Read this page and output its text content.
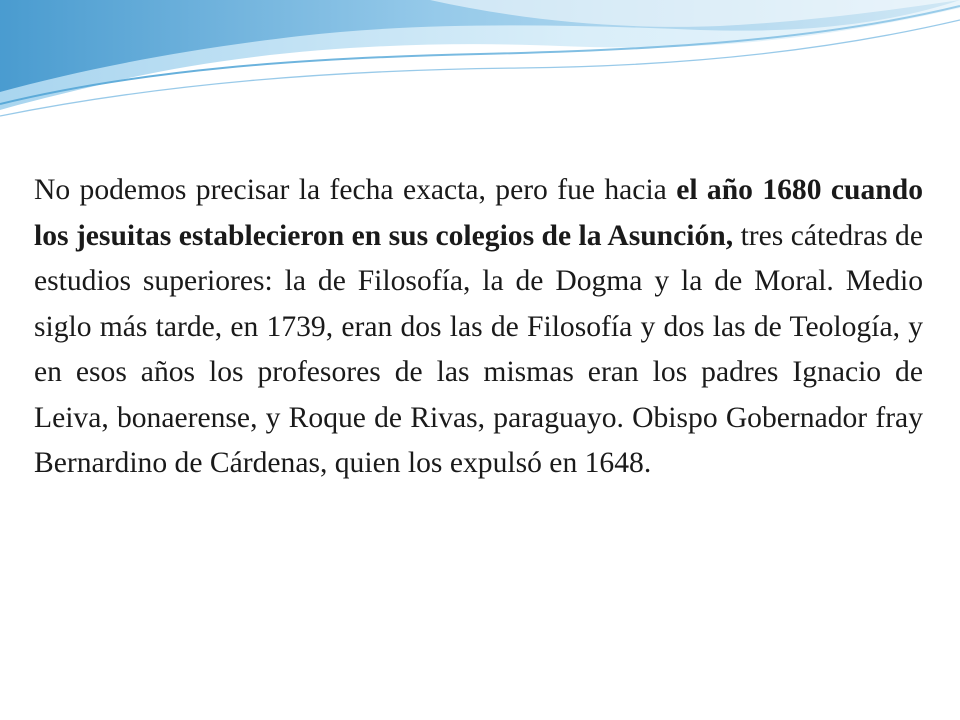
No podemos precisar la fecha exacta, pero fue hacia el año 1680 cuando los jesuitas establecieron en sus colegios de la Asunción, tres cátedras de estudios superiores: la de Filosofía, la de Dogma y la de Moral. Medio siglo más tarde, en 1739, eran dos las de Filosofía y dos las de Teología, y en esos años los profesores de las mismas eran los padres Ignacio de Leiva, bonaerense, y Roque de Rivas, paraguayo. Obispo Gobernador fray Bernardino de Cárdenas, quien los expulsó en 1648.
